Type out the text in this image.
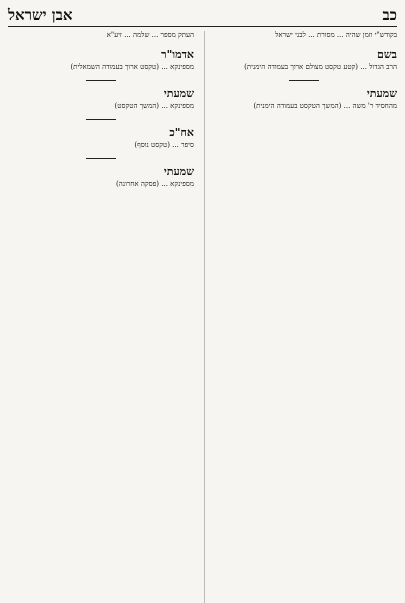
כב
אבן ישראל
בקודש"י וזמן שהיה ... מסורת ... לבני ישראל
בשם
הרב הגדול ... (קטע טקסט מצולם ארוך בעמודה הימנית)
שמעתי
מהחסיד ר' משה ... (המשך הטקסט בעמודה הימנית)
העתק מספר ... שלמה ... זיע"א
אדמו"ר
מספינקא ... (טקסט ארוך בעמודה השמאלית)
שמעתי
מספינקא ... (המשך הטקסט)
אח"כ
סיפר ... (טקסט נוסף)
שמעתי
מספינקא ... (פסקה אחרונה)
